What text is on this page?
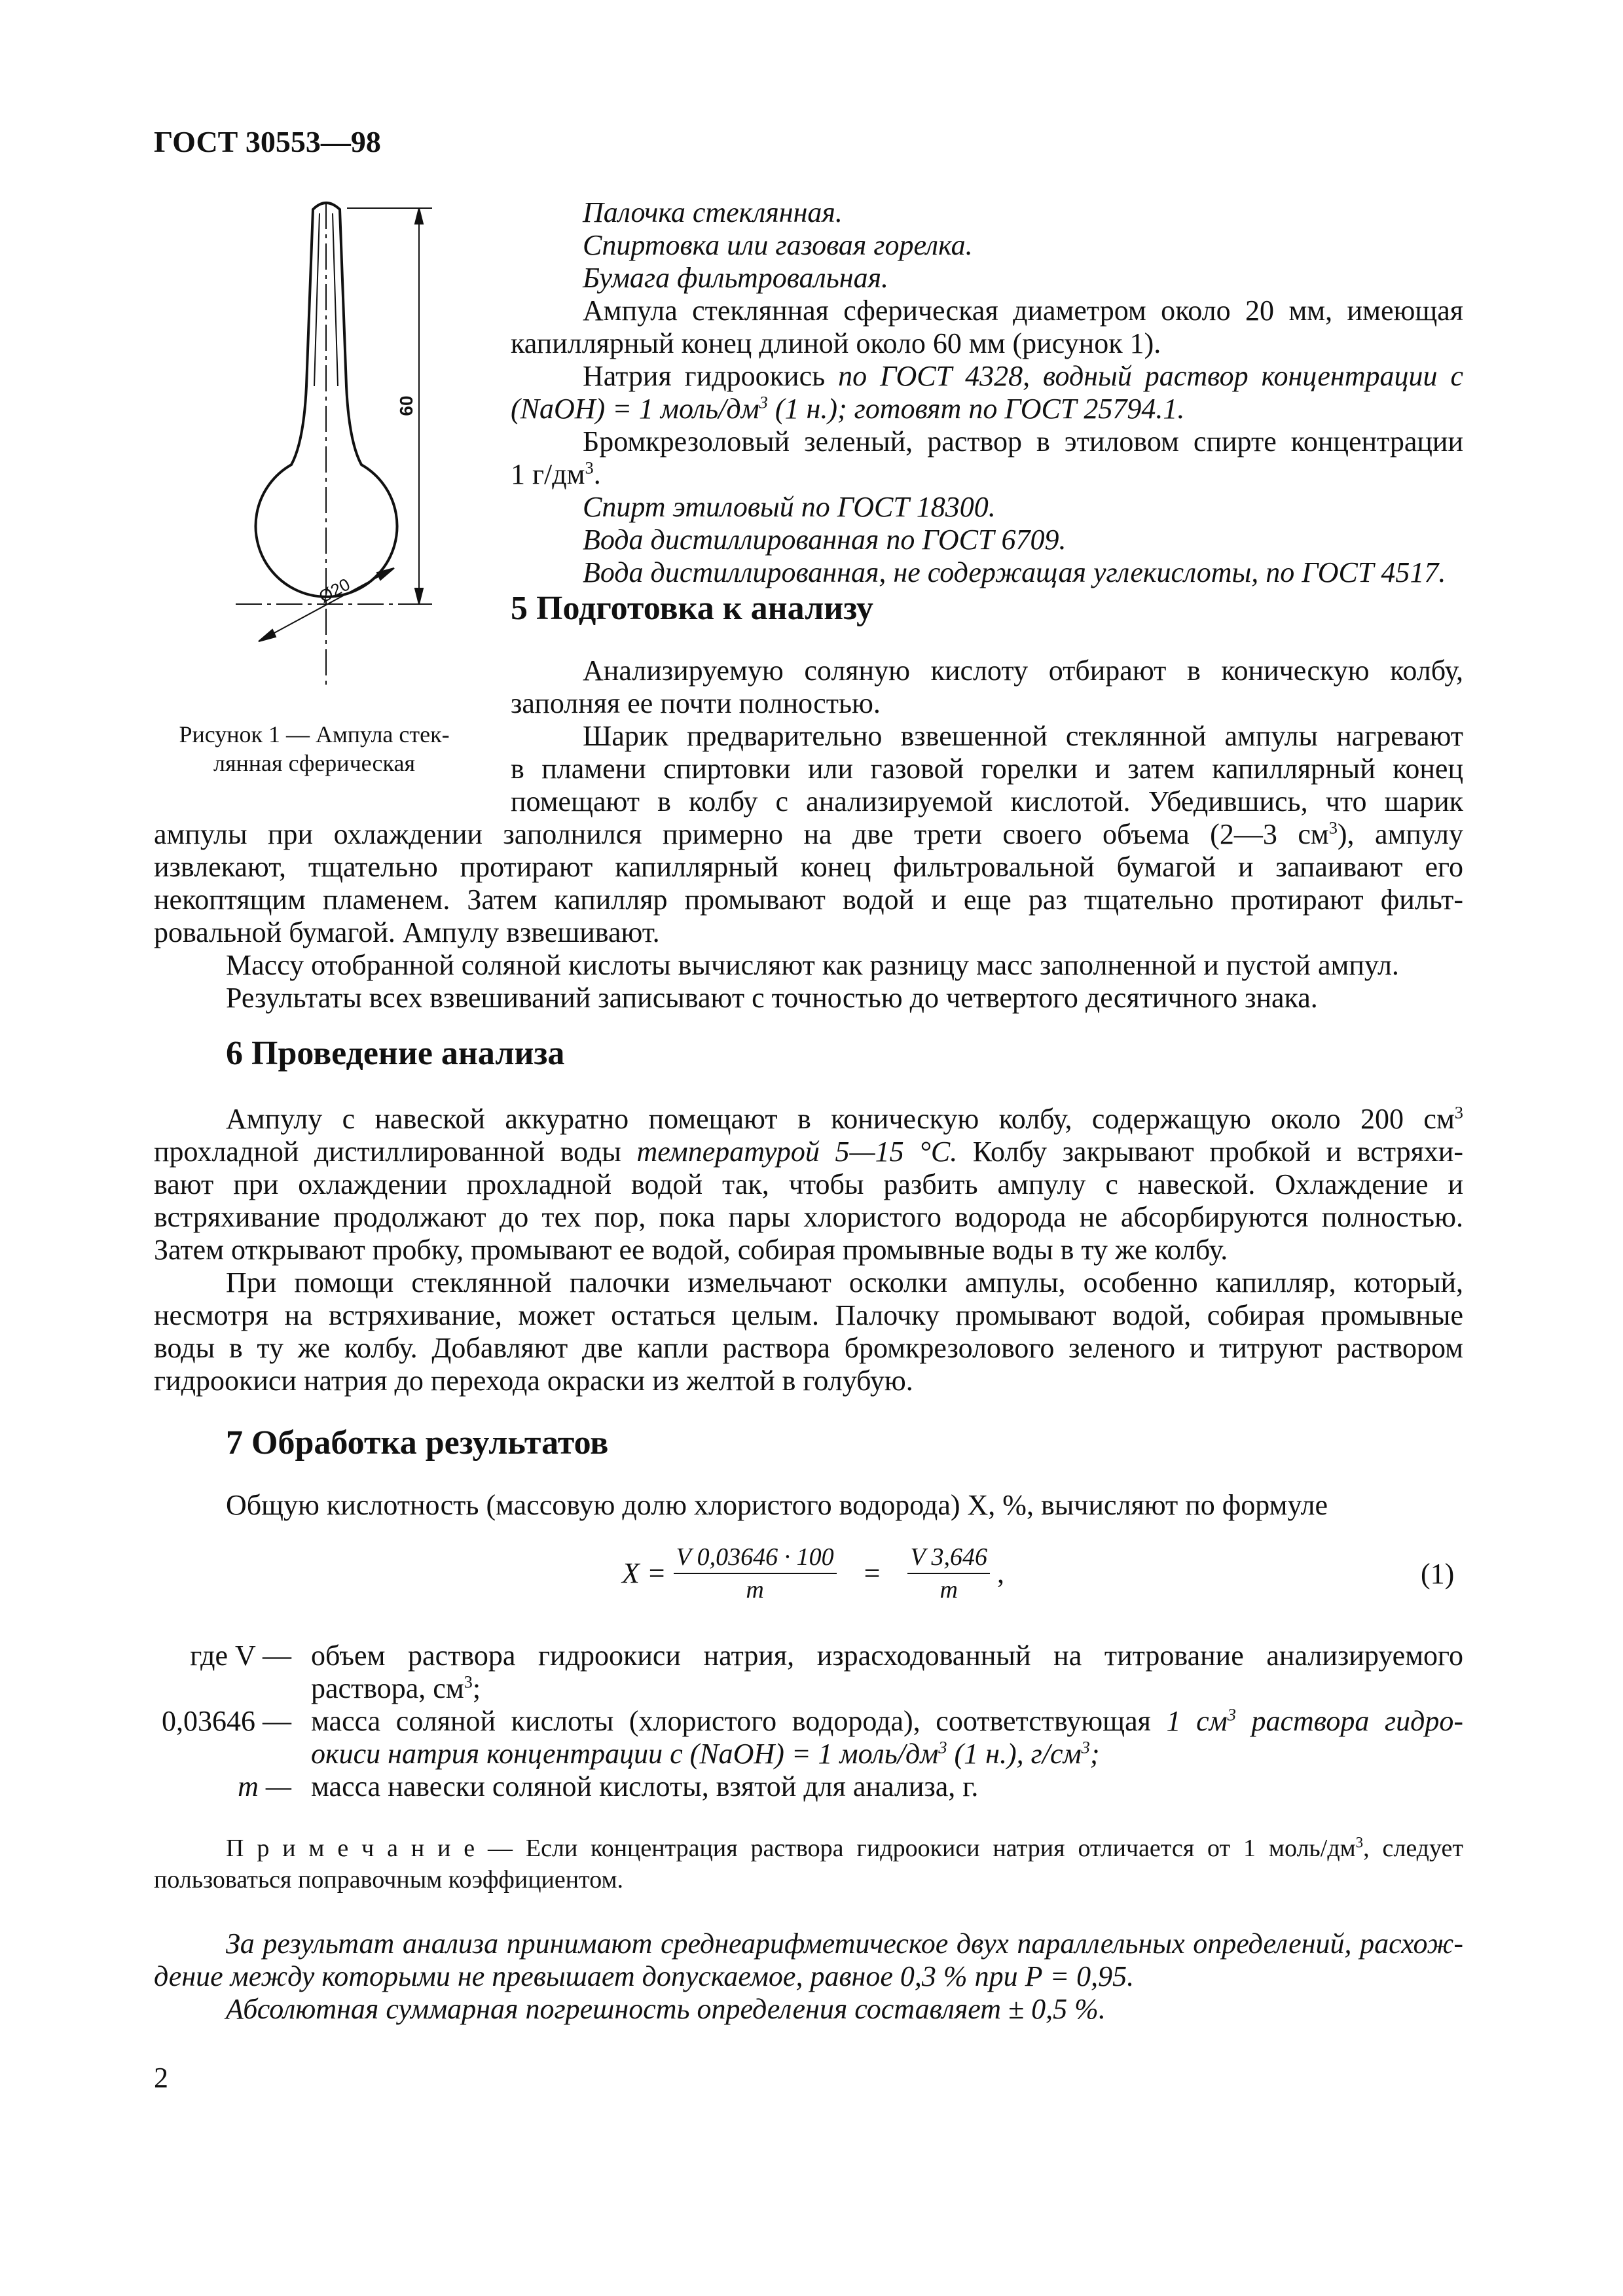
ГОСТ 30553—98
60
Ø20
Рисунок 1 — Ампула стек-
лянная сферическая
Палочка стеклянная.
Спиртовка или газовая горелка.
Бумага фильтровальная.
Ампула стеклянная сферическая диаметром около 20 мм, имеющая
капиллярный конец длиной около 60 мм (рисунок 1).
Натрия гидроокись по ГОСТ 4328, водный раствор концентрации с
(NaOH) = 1 моль/$дм^3$ (1 н.); готовят по ГОСТ 25794.1.
Бромкрезоловый зеленый, раствор в этиловом спирте концентрации
1 $г/дм^3$.
Спирт этиловый по ГОСТ 18300.
Вода дистиллированная по ГОСТ 6709.
Вода дистиллированная, не содержащая углекислоты, по ГОСТ 4517.
5 Подготовка к анализу
Анализируемую соляную кислоту отбирают в коническую колбу,
заполняя ее почти полностью.
Шарик предварительно взвешенной стеклянной ампулы нагревают
в пламени спиртовки или газовой горелки и затем капиллярный конец
помещают в колбу с анализируемой кислотой. Убедившись, что шарик
ампулы при охлаждении заполнился примерно на две трети своего объема (2—3 $см^3$), ампулу
извлекают, тщательно протирают капиллярный конец фильтровальной бумагой и запаивают его
некоптящим пламенем. Затем капилляр промывают водой и еще раз тщательно протирают фильт-
ровальной бумагой. Ампулу взвешивают.
Массу отобранной соляной кислоты вычисляют как разницу масс заполненной и пустой ампул.
Результаты всех взвешиваний записывают с точностью до четвертого десятичного знака.
6 Проведение анализа
Ампулу с навеской аккуратно помещают в коническую колбу, содержащую около 200 $см^3$
прохладной дистиллированной воды температурой 5—15 °С. Колбу закрывают пробкой и встряхи-
вают при охлаждении прохладной водой так, чтобы разбить ампулу с навеской. Охлаждение и
встряхивание продолжают до тех пор, пока пары хлористого водорода не абсорбируются полностью.
Затем открывают пробку, промывают ее водой, собирая промывные воды в ту же колбу.
При помощи стеклянной палочки измельчают осколки ампулы, особенно капилляр, который,
несмотря на встряхивание, может остаться целым. Палочку промывают водой, собирая промывные
воды в ту же колбу. Добавляют две капли раствора бромкрезолового зеленого и титруют раствором
гидроокиси натрия до перехода окраски из желтой в голубую.
7 Обработка результатов
Общую кислотность (массовую долю хлористого водорода) X, %, вычисляют по формуле
$X = \frac{V 0,03646 \cdot 100}{m} = \frac{V 3,646}{m}$ ,	(1)
где V — объем раствора гидроокиси натрия, израсходованный на титрование анализируемого
раствора, $см^3$;
0,03646 — масса соляной кислоты (хлористого водорода), соответствующая 1 $см^3$ раствора гидро-
окиси натрия концентрации с (NaOH) = 1 моль/$дм^3$ (1 н.), $г/см^3$;
m — масса навески соляной кислоты, взятой для анализа, г.
П р и м е ч а н и е — Если концентрация раствора гидроокиси натрия отличается от 1 моль/$дм^3$, следует
пользоваться поправочным коэффициентом.
За результат анализа принимают среднеарифметическое двух параллельных определений, расхож-
дение между которыми не превышает допускаемое, равное 0,3 % при Р = 0,95.
Абсолютная суммарная погрешность определения составляет ± 0,5 %.
2
